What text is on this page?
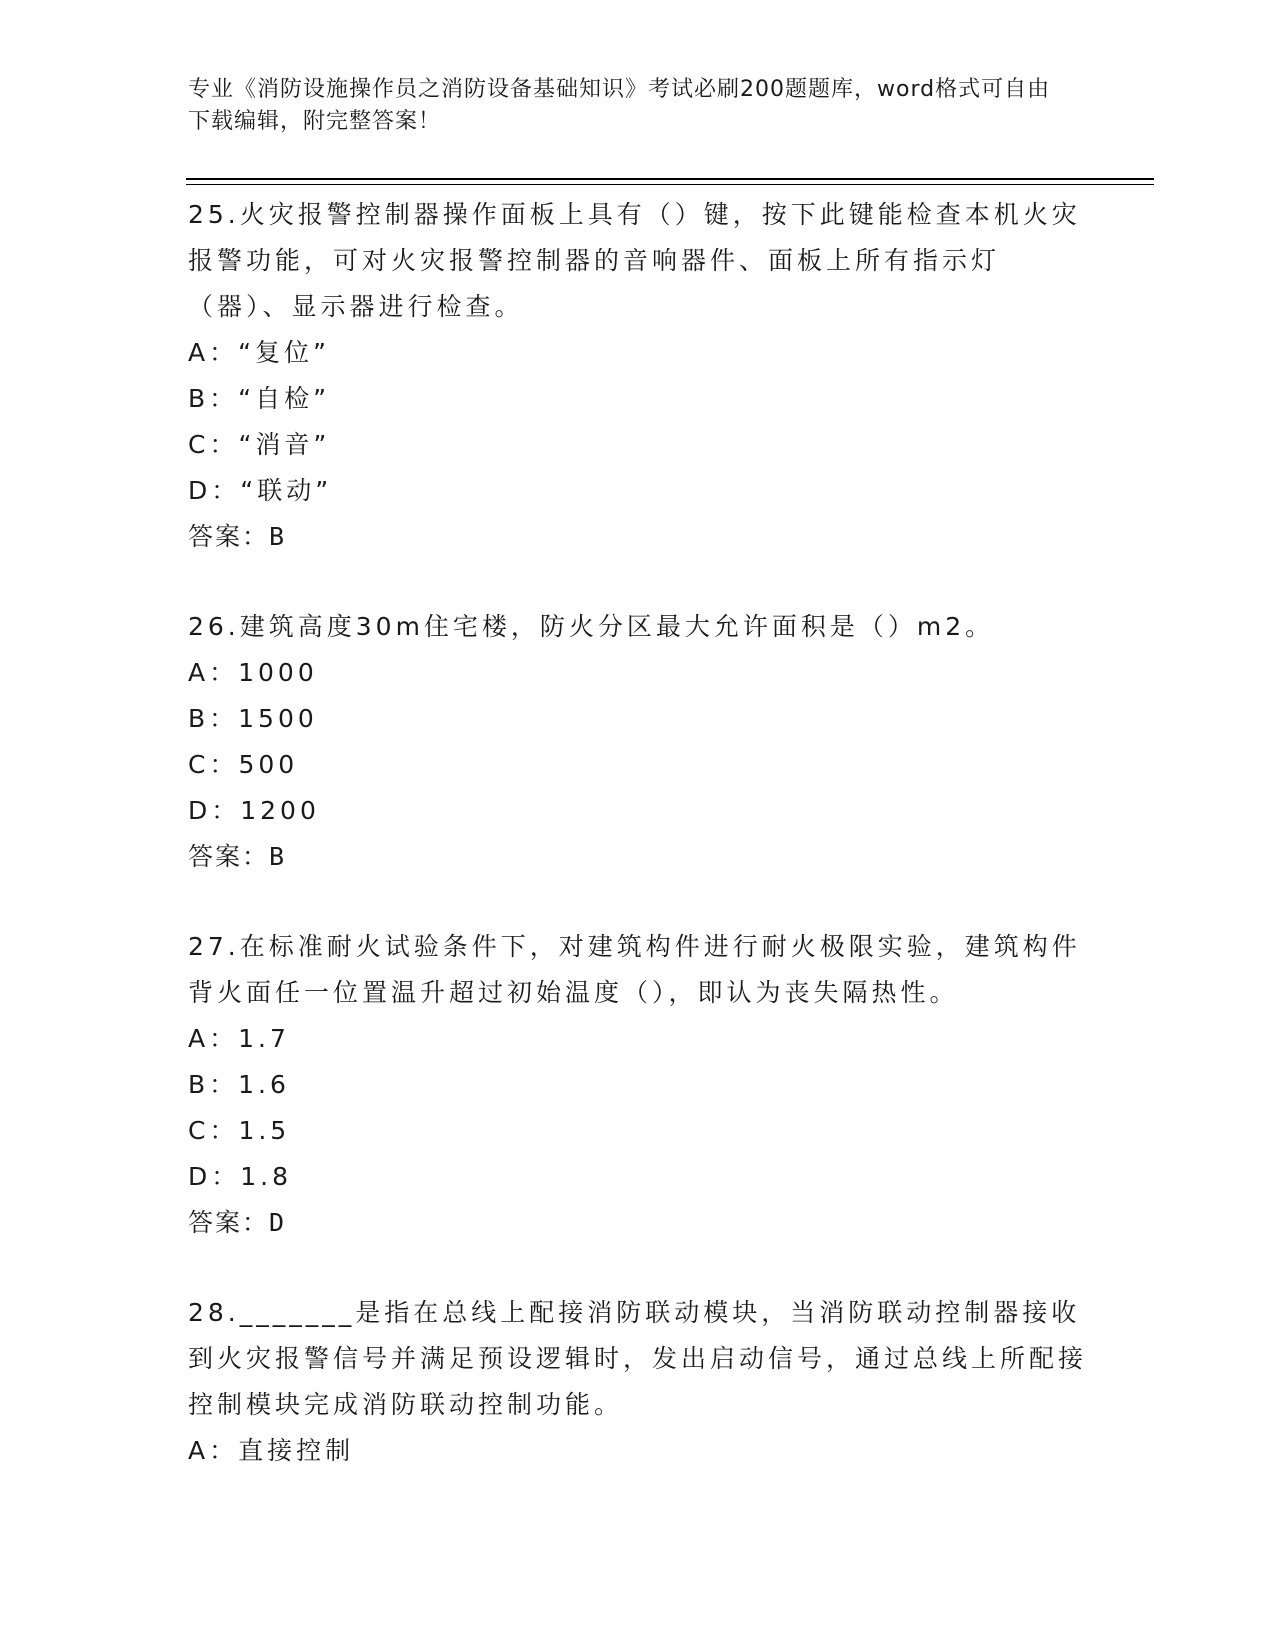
专业《消防设施操作员之消防设备基础知识》考试必刷200题题库，word格式可自由下载编辑，附完整答案！

25.火灾报警控制器操作面板上具有（）键，按下此键能检查本机火灾报警功能，可对火灾报警控制器的音响器件、面板上所有指示灯（器）、显示器进行检查。

A：“复位”

B：“自检”

C：“消音”

D：“联动”

答案：B

26.建筑高度30m住宅楼，防火分区最大允许面积是（）m2。

A：1000

B：1500

C：500

D：1200

答案：B

27.在标准耐火试验条件下，对建筑构件进行耐火极限实验，建筑构件背火面任一位置温升超过初始温度（），即认为丧失隔热性。

A：1.7

B：1.6

C：1.5

D：1.8

答案：D

28._______是指在总线上配接消防联动模块，当消防联动控制器接收到火灾报警信号并满足预设逻辑时，发出启动信号，通过总线上所配接控制模块完成消防联动控制功能。

A：直接控制
